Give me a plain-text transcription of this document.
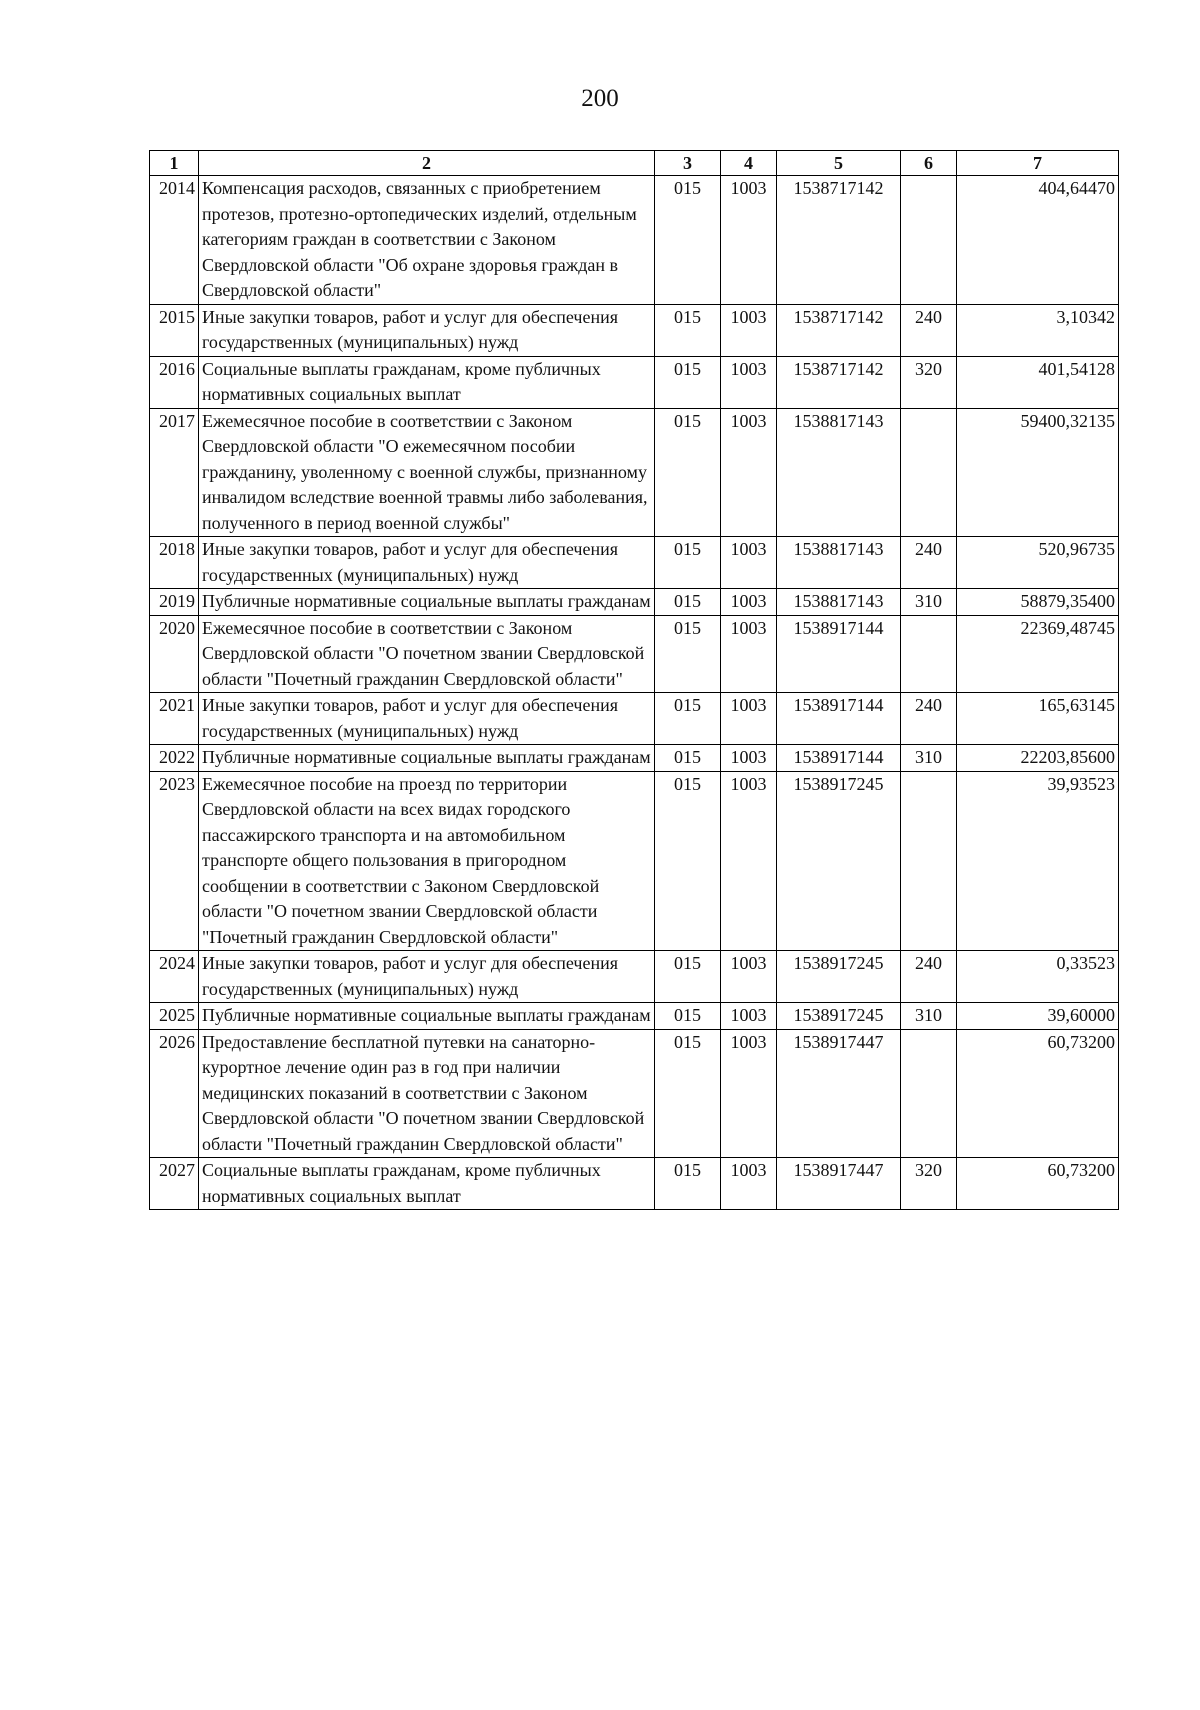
200
1	2	3	4	5	6	7
2014	Компенсация расходов, связанных с приобретением протезов, протезно-ортопедических изделий, отдельным категориям граждан в соответствии с Законом Свердловской области "Об охране здоровья граждан в Свердловской области"	015	1003	1538717142		404,64470
2015	Иные закупки товаров, работ и услуг для обеспечения государственных (муниципальных) нужд	015	1003	1538717142	240	3,10342
2016	Социальные выплаты гражданам, кроме публичных нормативных социальных выплат	015	1003	1538717142	320	401,54128
2017	Ежемесячное пособие в соответствии с Законом Свердловской области "О ежемесячном пособии гражданину, уволенному с военной службы, признанному инвалидом вследствие военной травмы либо заболевания, полученного в период военной службы"	015	1003	1538817143		59400,32135
2018	Иные закупки товаров, работ и услуг для обеспечения государственных (муниципальных) нужд	015	1003	1538817143	240	520,96735
2019	Публичные нормативные социальные выплаты гражданам	015	1003	1538817143	310	58879,35400
2020	Ежемесячное пособие в соответствии с Законом Свердловской области "О почетном звании Свердловской области "Почетный гражданин Свердловской области"	015	1003	1538917144		22369,48745
2021	Иные закупки товаров, работ и услуг для обеспечения государственных (муниципальных) нужд	015	1003	1538917144	240	165,63145
2022	Публичные нормативные социальные выплаты гражданам	015	1003	1538917144	310	22203,85600
2023	Ежемесячное пособие на проезд по территории Свердловской области на всех видах городского пассажирского транспорта и на автомобильном транспорте общего пользования в пригородном сообщении в соответствии с Законом Свердловской области "О почетном звании Свердловской области "Почетный гражданин Свердловской области"	015	1003	1538917245		39,93523
2024	Иные закупки товаров, работ и услуг для обеспечения государственных (муниципальных) нужд	015	1003	1538917245	240	0,33523
2025	Публичные нормативные социальные выплаты гражданам	015	1003	1538917245	310	39,60000
2026	Предоставление бесплатной путевки на санаторно-курортное лечение один раз в год при наличии медицинских показаний в соответствии с Законом Свердловской области "О почетном звании Свердловской области "Почетный гражданин Свердловской области"	015	1003	1538917447		60,73200
2027	Социальные выплаты гражданам, кроме публичных нормативных социальных выплат	015	1003	1538917447	320	60,73200
